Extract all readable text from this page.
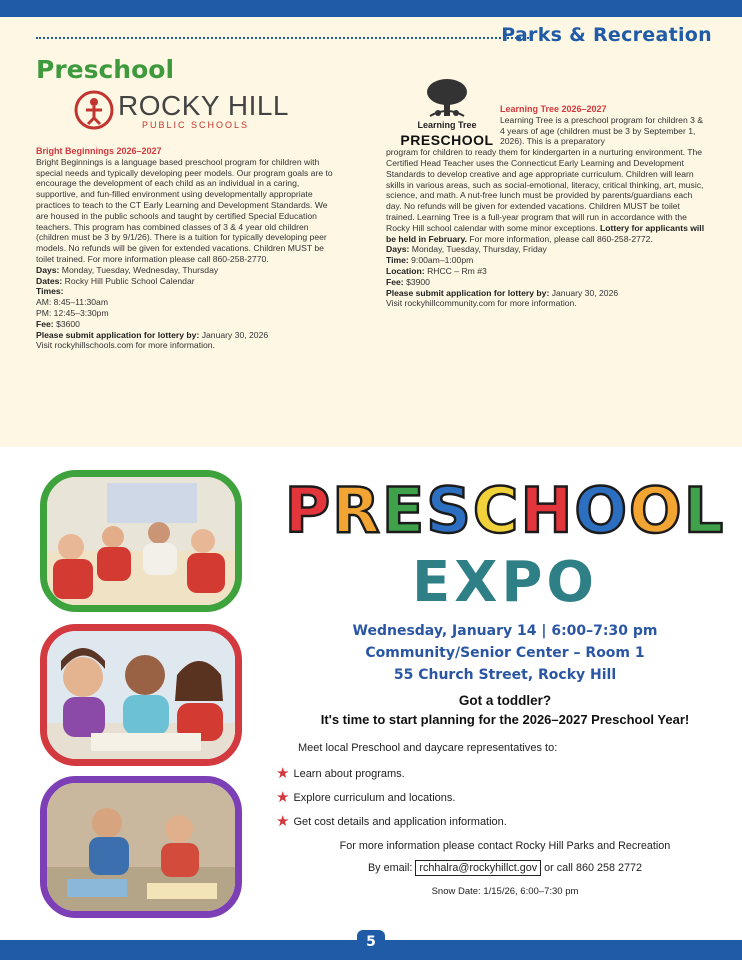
Parks & Recreation
Preschool
ROCKY HILL
PUBLIC SCHOOLS
Bright Beginnings 2026–2027
Bright Beginnings is a language based preschool program for children with special needs and typically developing peer models. Our program goals are to encourage the development of each child as an individual in a caring, supportive, and fun-filled environment using developmentally appropriate practices to teach to the CT Early Learning and Development Standards. We are housed in the public schools and taught by certified Special Education teachers. This program has combined classes of 3 & 4 year old children (children must be 3 by 9/1/26). There is a tuition for typically developing peer models. No refunds will be given for extended vacations. Children MUST be toilet trained. For more information please call 860-258-2770.
Days: Monday, Tuesday, Wednesday, Thursday
Dates: Rocky Hill Public School Calendar
Times:
AM: 8:45–11:30am
PM: 12:45–3:30pm
Fee: $3600
Please submit application for lottery by: January 30, 2026
Visit rockyhillschools.com for more information.
Learning Tree
PRESCHOOL
Learning Tree 2026–2027
Learning Tree is a preschool program for children 3 & 4 years of age (children must be 3 by September 1, 2026). This is a preparatory
program for children to ready them for kindergarten in a nurturing environment. The Certified Head Teacher uses the Connecticut Early Learning and Development Standards to develop creative and age appropriate curriculum. Children will learn skills in various areas, such as social-emotional, literacy, critical thinking, art, music, science, and math. A nut-free lunch must be provided by parents/guardians each day. No refunds will be given for extended vacations. Children MUST be toilet trained. Learning Tree is a full-year program that will run in accordance with the Rocky Hill school calendar with some minor exceptions. Lottery for applicants will be held in February. For more information, please call 860-258-2772.
Days: Monday, Tuesday, Thursday, Friday
Time: 9:00am–1:00pm
Location: RHCC – Rm #3
Fee: $3900
Please submit application for lottery by: January 30, 2026
Visit rockyhillcommunity.com for more information.
PRESCHOOL
EXPO
Wednesday, January 14 | 6:00–7:30 pm
Community/Senior Center – Room 1
55 Church Street, Rocky Hill
Got a toddler?
It's time to start planning for the 2026–2027 Preschool Year!
Meet local Preschool and daycare representatives to:
★ Learn about programs.
★ Explore curriculum and locations.
★ Get cost details and application information.
For more information please contact Rocky Hill Parks and Recreation
By email: rchhalra@rockyhillct.gov or call 860 258 2772
Snow Date: 1/15/26, 6:00–7:30 pm
5
